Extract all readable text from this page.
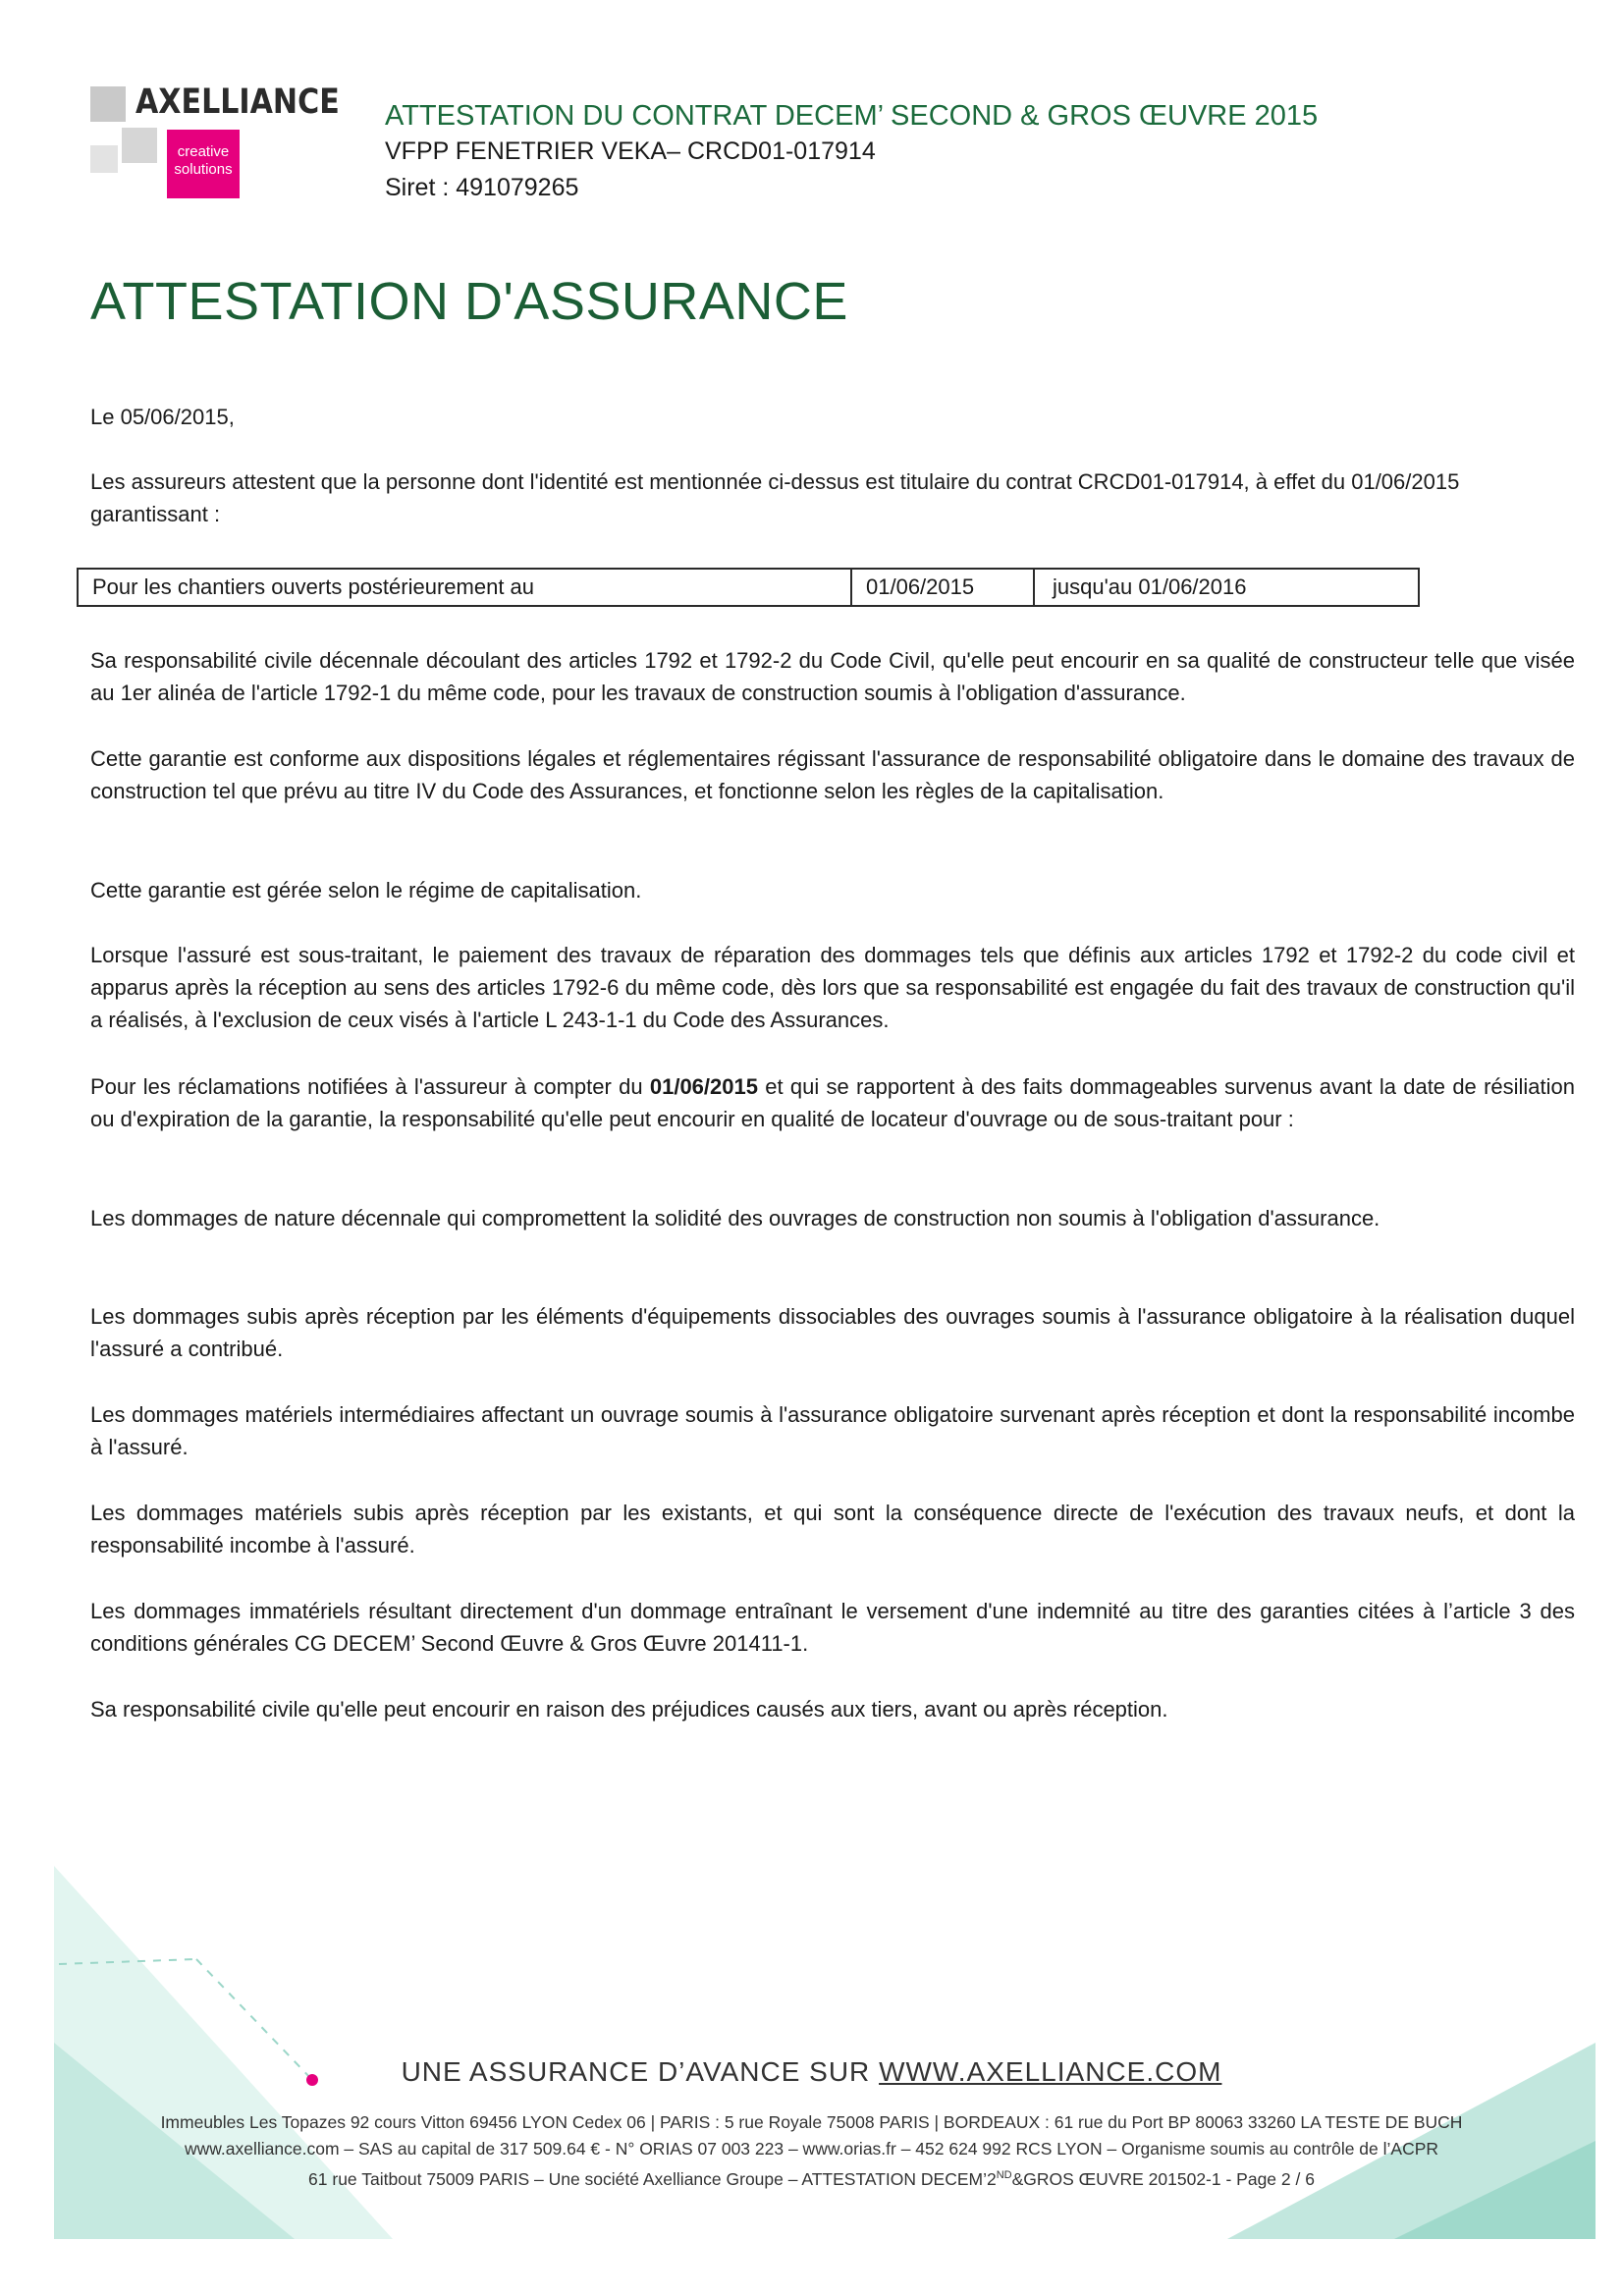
AXELLIANCE
creative
solutions
ATTESTATION DU CONTRAT DECEM’ SECOND & GROS ŒUVRE 2015
VFPP FENETRIER VEKA– CRCD01-017914
Siret : 491079265
ATTESTATION D'ASSURANCE
Le 05/06/2015,
Les assureurs attestent que la personne dont l'identité est mentionnée ci-dessus est titulaire du contrat CRCD01-017914, à effet du 01/06/2015 garantissant :
Pour les chantiers ouverts postérieurement au	01/06/2015	jusqu'au 01/06/2016
Sa responsabilité civile décennale découlant des articles 1792 et 1792-2 du Code Civil, qu'elle peut encourir en sa qualité de constructeur telle que visée au 1er alinéa de l'article 1792-1 du même code, pour les travaux de construction soumis à l'obligation d'assurance.
Cette garantie est conforme aux dispositions légales et réglementaires régissant l'assurance de responsabilité obligatoire dans le domaine des travaux de construction tel que prévu au titre IV du Code des Assurances, et fonctionne selon les règles de la capitalisation.
Cette garantie est gérée selon le régime de capitalisation.
Lorsque l'assuré est sous-traitant, le paiement des travaux de réparation des dommages tels que définis aux articles 1792 et 1792-2 du code civil et apparus après la réception au sens des articles 1792-6 du même code, dès lors que sa responsabilité est engagée du fait des travaux de construction qu'il a réalisés, à l'exclusion de ceux visés à l'article L 243-1-1 du Code des Assurances.
Pour les réclamations notifiées à l'assureur à compter du 01/06/2015 et qui se rapportent à des faits dommageables survenus avant la date de résiliation ou d'expiration de la garantie, la responsabilité qu'elle peut encourir en qualité de locateur d'ouvrage ou de sous-traitant pour :
Les dommages de nature décennale qui compromettent la solidité des ouvrages de construction non soumis à l'obligation d'assurance.
Les dommages subis après réception par les éléments d'équipements dissociables des ouvrages soumis à l'assurance obligatoire à la réalisation duquel l'assuré a contribué.
Les dommages matériels intermédiaires affectant un ouvrage soumis à l'assurance obligatoire survenant après réception et dont la responsabilité incombe à l'assuré.
Les dommages matériels subis après réception par les existants, et qui sont la conséquence directe de l'exécution des travaux neufs, et dont la responsabilité incombe à l'assuré.
Les dommages immatériels résultant directement d'un dommage entraînant le versement d'une indemnité au titre des garanties citées à l’article 3 des conditions générales CG DECEM’ Second Œuvre & Gros Œuvre 201411-1.
Sa responsabilité civile qu'elle peut encourir en raison des préjudices causés aux tiers, avant ou après réception.
UNE ASSURANCE D’AVANCE SUR WWW.AXELLIANCE.COM
Immeubles Les Topazes 92 cours Vitton 69456 LYON Cedex 06 | PARIS : 5 rue Royale 75008 PARIS | BORDEAUX : 61 rue du Port BP 80063 33260 LA TESTE DE BUCH
www.axelliance.com – SAS au capital de 317 509.64 € - N° ORIAS 07 003 223 – www.orias.fr – 452 624 992 RCS LYON – Organisme soumis au contrôle de l’ACPR
61 rue Taitbout 75009 PARIS – Une société Axelliance Groupe – ATTESTATION DECEM’2ND&GROS ŒUVRE 201502-1 - Page 2 / 6
